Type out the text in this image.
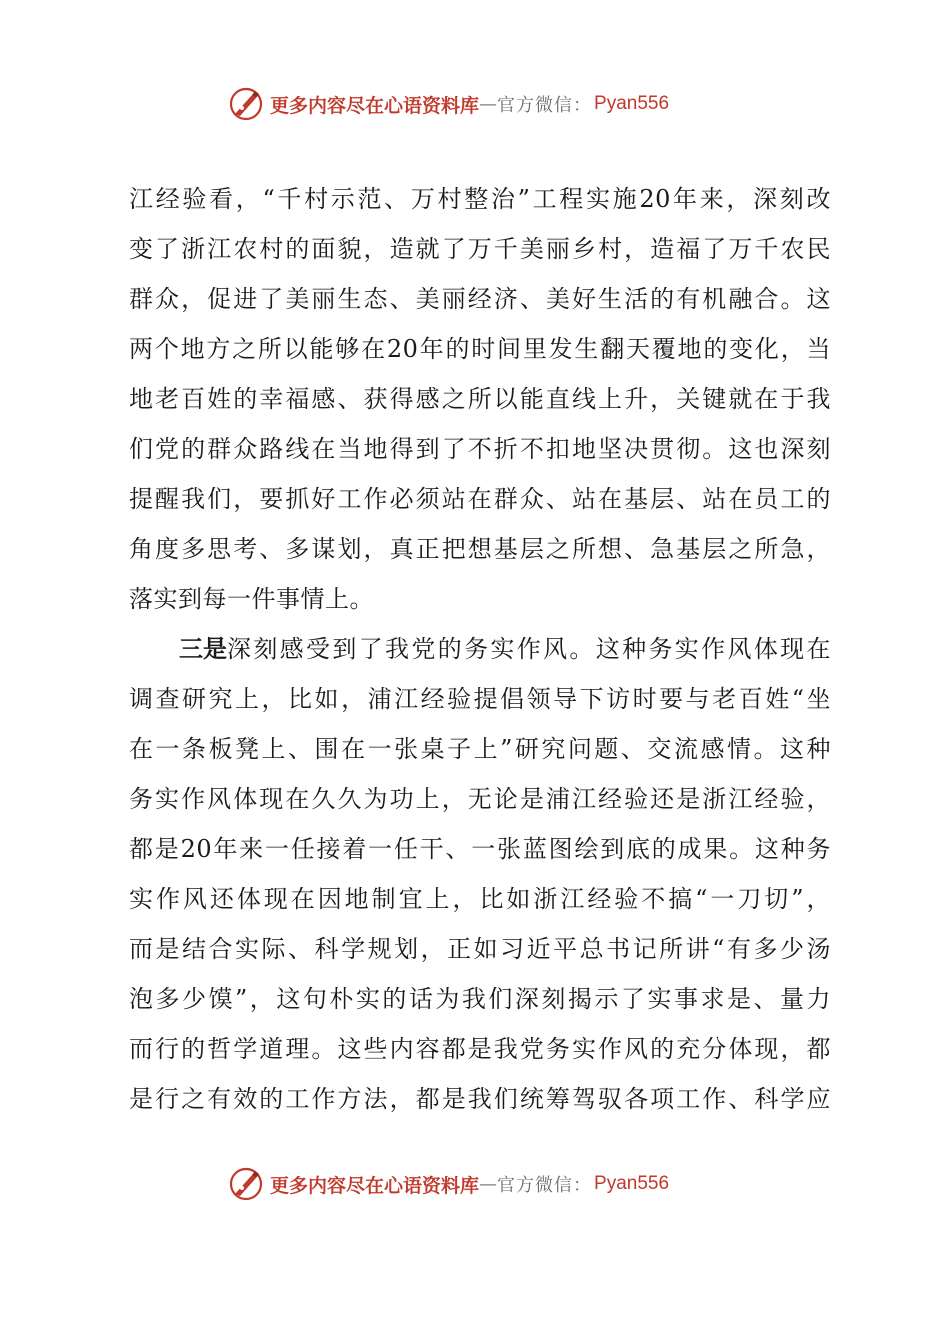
更多内容尽在心语资料库 — 官方微信： Pyan556
江经验看，“千村示范、万村整治”工程实施20年来，深刻改
变了浙江农村的面貌，造就了万千美丽乡村，造福了万千农民
群众，促进了美丽生态、美丽经济、美好生活的有机融合。这
两个地方之所以能够在20年的时间里发生翻天覆地的变化，当
地老百姓的幸福感、获得感之所以能直线上升，关键就在于我
们党的群众路线在当地得到了不折不扣地坚决贯彻。这也深刻
提醒我们，要抓好工作必须站在群众、站在基层、站在员工的
角度多思考、多谋划，真正把想基层之所想、急基层之所急，
落实到每一件事情上。
三是 深刻感受到了我党的务实作风。这种务实作风体现在
调查研究上，比如，浦江经验提倡领导下访时要与老百姓“坐
在一条板凳上、围在一张桌子上”研究问题、交流感情。这种
务实作风体现在久久为功上，无论是浦江经验还是浙江经验，
都是20年来一任接着一任干、一张蓝图绘到底的成果。这种务
实作风还体现在因地制宜上，比如浙江经验不搞“一刀切”，
而是结合实际、科学规划，正如习近平总书记所讲“有多少汤
泡多少馍”，这句朴实的话为我们深刻揭示了实事求是、量力
而行的哲学道理。这些内容都是我党务实作风的充分体现，都
是行之有效的工作方法，都是我们统筹驾驭各项工作、科学应
更多内容尽在心语资料库 — 官方微信： Pyan556
